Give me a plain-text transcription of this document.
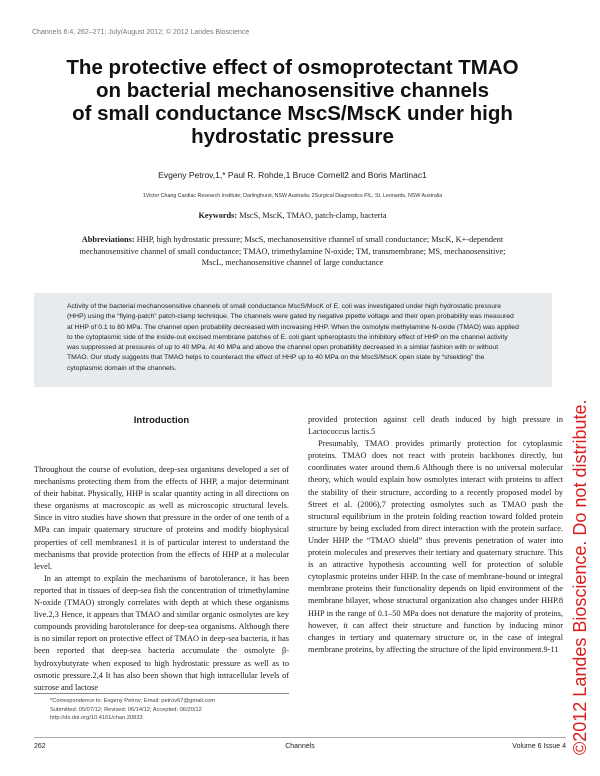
Channels 6:4, 262–271; July/August 2012; © 2012 Landes Bioscience
The protective effect of osmoprotectant TMAO
on bacterial mechanosensitive channels
of small conductance MscS/MscK under high
hydrostatic pressure
Evgeny Petrov,1,* Paul R. Rohde,1 Bruce Cornell2 and Boris Martinac1
1Victor Chang Cardiac Research Institute; Darlinghurst, NSW Australia; 2Surgical Diagnostics P/L; St. Leonards, NSW Australia
Keywords: MscS, MscK, TMAO, patch-clamp, bacteria
Abbreviations: HHP, high hydrostatic pressure; MscS, mechanosensitive channel of small conductance; MscK, K+-dependent
mechanosensitive channel of small conductance; TMAO, trimethylamine N-oxide; TM, transmembrane; MS, mechanosensitive;
MscL, mechanosensitive channel of large conductance

Activity of the bacterial mechanosensitive channels of small conductance MscS/MscK of E. coli was investigated under high hydrostatic pressure (HHP) using the “flying-patch” patch-clamp technique. The channels were gated by negative pipette voltage and their open probability was measured at HHP of 0.1 to 80 MPa. The channel open probability decreased with increasing HHP. When the osmolyte methylamine N-oxide (TMAO) was applied to the cytoplasmic side of the inside-out excised membrane patches of E. coli giant spheroplasts the inhibitory effect of HHP on the channel activity was suppressed at pressures of up to 40 MPa. At 40 MPa and above the channel open probability decreased in a similar fashion with or without TMAO. Our study suggests that TMAO helps to counteract the effect of HHP up to 40 MPa on the MscS/MscK open state by “shielding” the cytoplasmic domain of the channels.

Introduction

Throughout the course of evolution, deep-sea organisms developed a set of mechanisms protecting them from the effects of HHP, a major determinant of their habitat. Physically, HHP is scalar quantity acting in all directions on these organisms at macroscopic as well as microscopic structural levels. Since in vitro studies have shown that pressure in the order of one tenth of a MPa can impair quaternary structure of proteins and modify biophysical properties of cell membranes1 it is of particular interest to understand the mechanisms that provide protection from the effects of HHP at a molecular level.

In an attempt to explain the mechanisms of barotolerance, it has been reported that in tissues of deep-sea fish the concentration of trimethylamine N-oxide (TMAO) strongly correlates with depth at which these organisms live.2,3 Hence, it appears that TMAO and similar organic osmolytes are key compounds providing barotolerance for deep-sea organisms. Although there is no similar report on protective effect of TMAO in deep-sea bacteria, it has been reported that deep-sea bacteria accumulate the osmolyte β-hydroxybutyrate when exposed to high hydrostatic pressure as well as to osmotic pressure.2,4 It has also been shown that high intracellular levels of sucrose and lactose

provided protection against cell death induced by high pressure in Lactococcus lactis.5

Presumably, TMAO provides primarily protection for cytoplasmic proteins. TMAO does not react with protein backbones directly, but coordinates water around them.6 Although there is no universal molecular theory, which would explain how osmolytes interact with proteins to affect the stability of their structure, according to a recently proposed model by Street et al. (2006),7 protecting osmolytes such as TMAO push the structural equilibrium in the protein folding reaction toward folded protein structure by being excluded from direct interaction with the protein surface. Under HHP the “TMAO shield” thus prevents penetration of water into protein molecules and preserves their tertiary and quaternary structure. This is an attractive hypothesis accounting well for protection of soluble cytoplasmic proteins under HHP. In the case of membrane-bound or integral membrane proteins their functionality depends on lipid environment of the membrane bilayer, whose structural organization also changes under HHP.8 HHP in the range of 0.1–50 MPa does not denature the majority of proteins, however, it can affect their structure and function by inducing minor changes in tertiary and quaternary structure or, in the case of integral membrane proteins, by affecting the structure of the lipid environment.9-11

*Correspondence to: Evgeny Petrov; Email: petrov67@gmail.com
Submitted: 05/07/12; Revised: 06/14/12; Accepted: 06/20/12
http://dx.doi.org/10.4161/chan.20833
262	Channels	Volume 6 Issue 4 ©2012 Landes Bioscience. Do not distribute.
